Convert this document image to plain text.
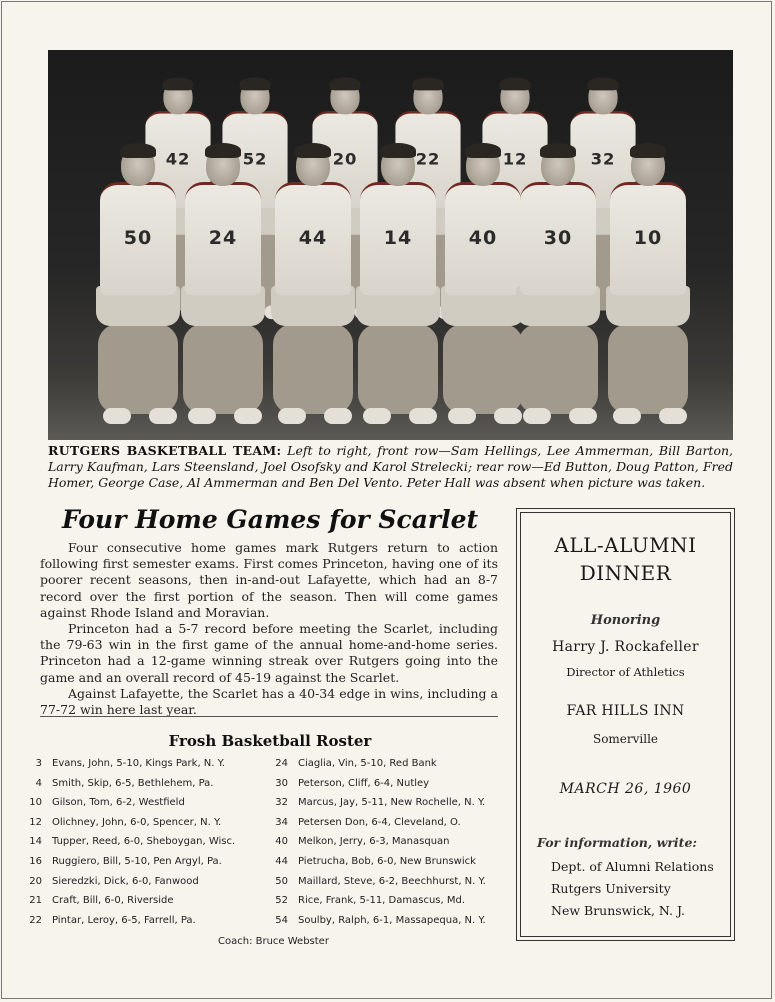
42	52	20	22	12	32
50	24	44	14	40	30	10
RUTGERS BASKETBALL TEAM: Left to right, front row—Sam Hellings, Lee Ammerman, Bill Barton, Larry Kaufman, Lars Steensland, Joel Osofsky and Karol Strelecki; rear row—Ed Button, Doug Patton, Fred Homer, George Case, Al Ammerman and Ben Del Vento. Peter Hall was absent when picture was taken.
Four Home Games for Scarlet

Four consecutive home games mark Rutgers return to action following first semester exams. First comes Princeton, having one of its poorer recent seasons, then in-and-out Lafayette, which had an 8-7 record over the first portion of the season. Then will come games against Rhode Island and Moravian.

Princeton had a 5-7 record before meeting the Scarlet, including the 79-63 win in the first game of the annual home-and-home series. Princeton had a 12-game winning streak over Rutgers going into the game and an overall record of 45-19 against the Scarlet.

Against Lafayette, the Scarlet has a 40-34 edge in wins, including a 77-72 win here last year.

Frosh Basketball Roster
3 Evans, John, 5-10, Kings Park, N. Y.
4 Smith, Skip, 6-5, Bethlehem, Pa.
10 Gilson, Tom, 6-2, Westfield
12 Olichney, John, 6-0, Spencer, N. Y.
14 Tupper, Reed, 6-0, Sheboygan, Wisc.
16 Ruggiero, Bill, 5-10, Pen Argyl, Pa.
20 Sieredzki, Dick, 6-0, Fanwood
21 Craft, Bill, 6-0, Riverside
22 Pintar, Leroy, 6-5, Farrell, Pa.
24 Ciaglia, Vin, 5-10, Red Bank
30 Peterson, Cliff, 6-4, Nutley
32 Marcus, Jay, 5-11, New Rochelle, N. Y.
34 Petersen Don, 6-4, Cleveland, O.
40 Melkon, Jerry, 6-3, Manasquan
44 Pietrucha, Bob, 6-0, New Brunswick
50 Maillard, Steve, 6-2, Beechhurst, N. Y.
52 Rice, Frank, 5-11, Damascus, Md.
54 Soulby, Ralph, 6-1, Massapequa, N. Y.
Coach: Bruce Webster
ALL-ALUMNI
DINNER
Honoring
Harry J. Rockafeller
Director of Athletics
FAR HILLS INN
Somerville
MARCH 26, 1960
For information, write:
Dept. of Alumni Relations
Rutgers University
New Brunswick, N. J.
